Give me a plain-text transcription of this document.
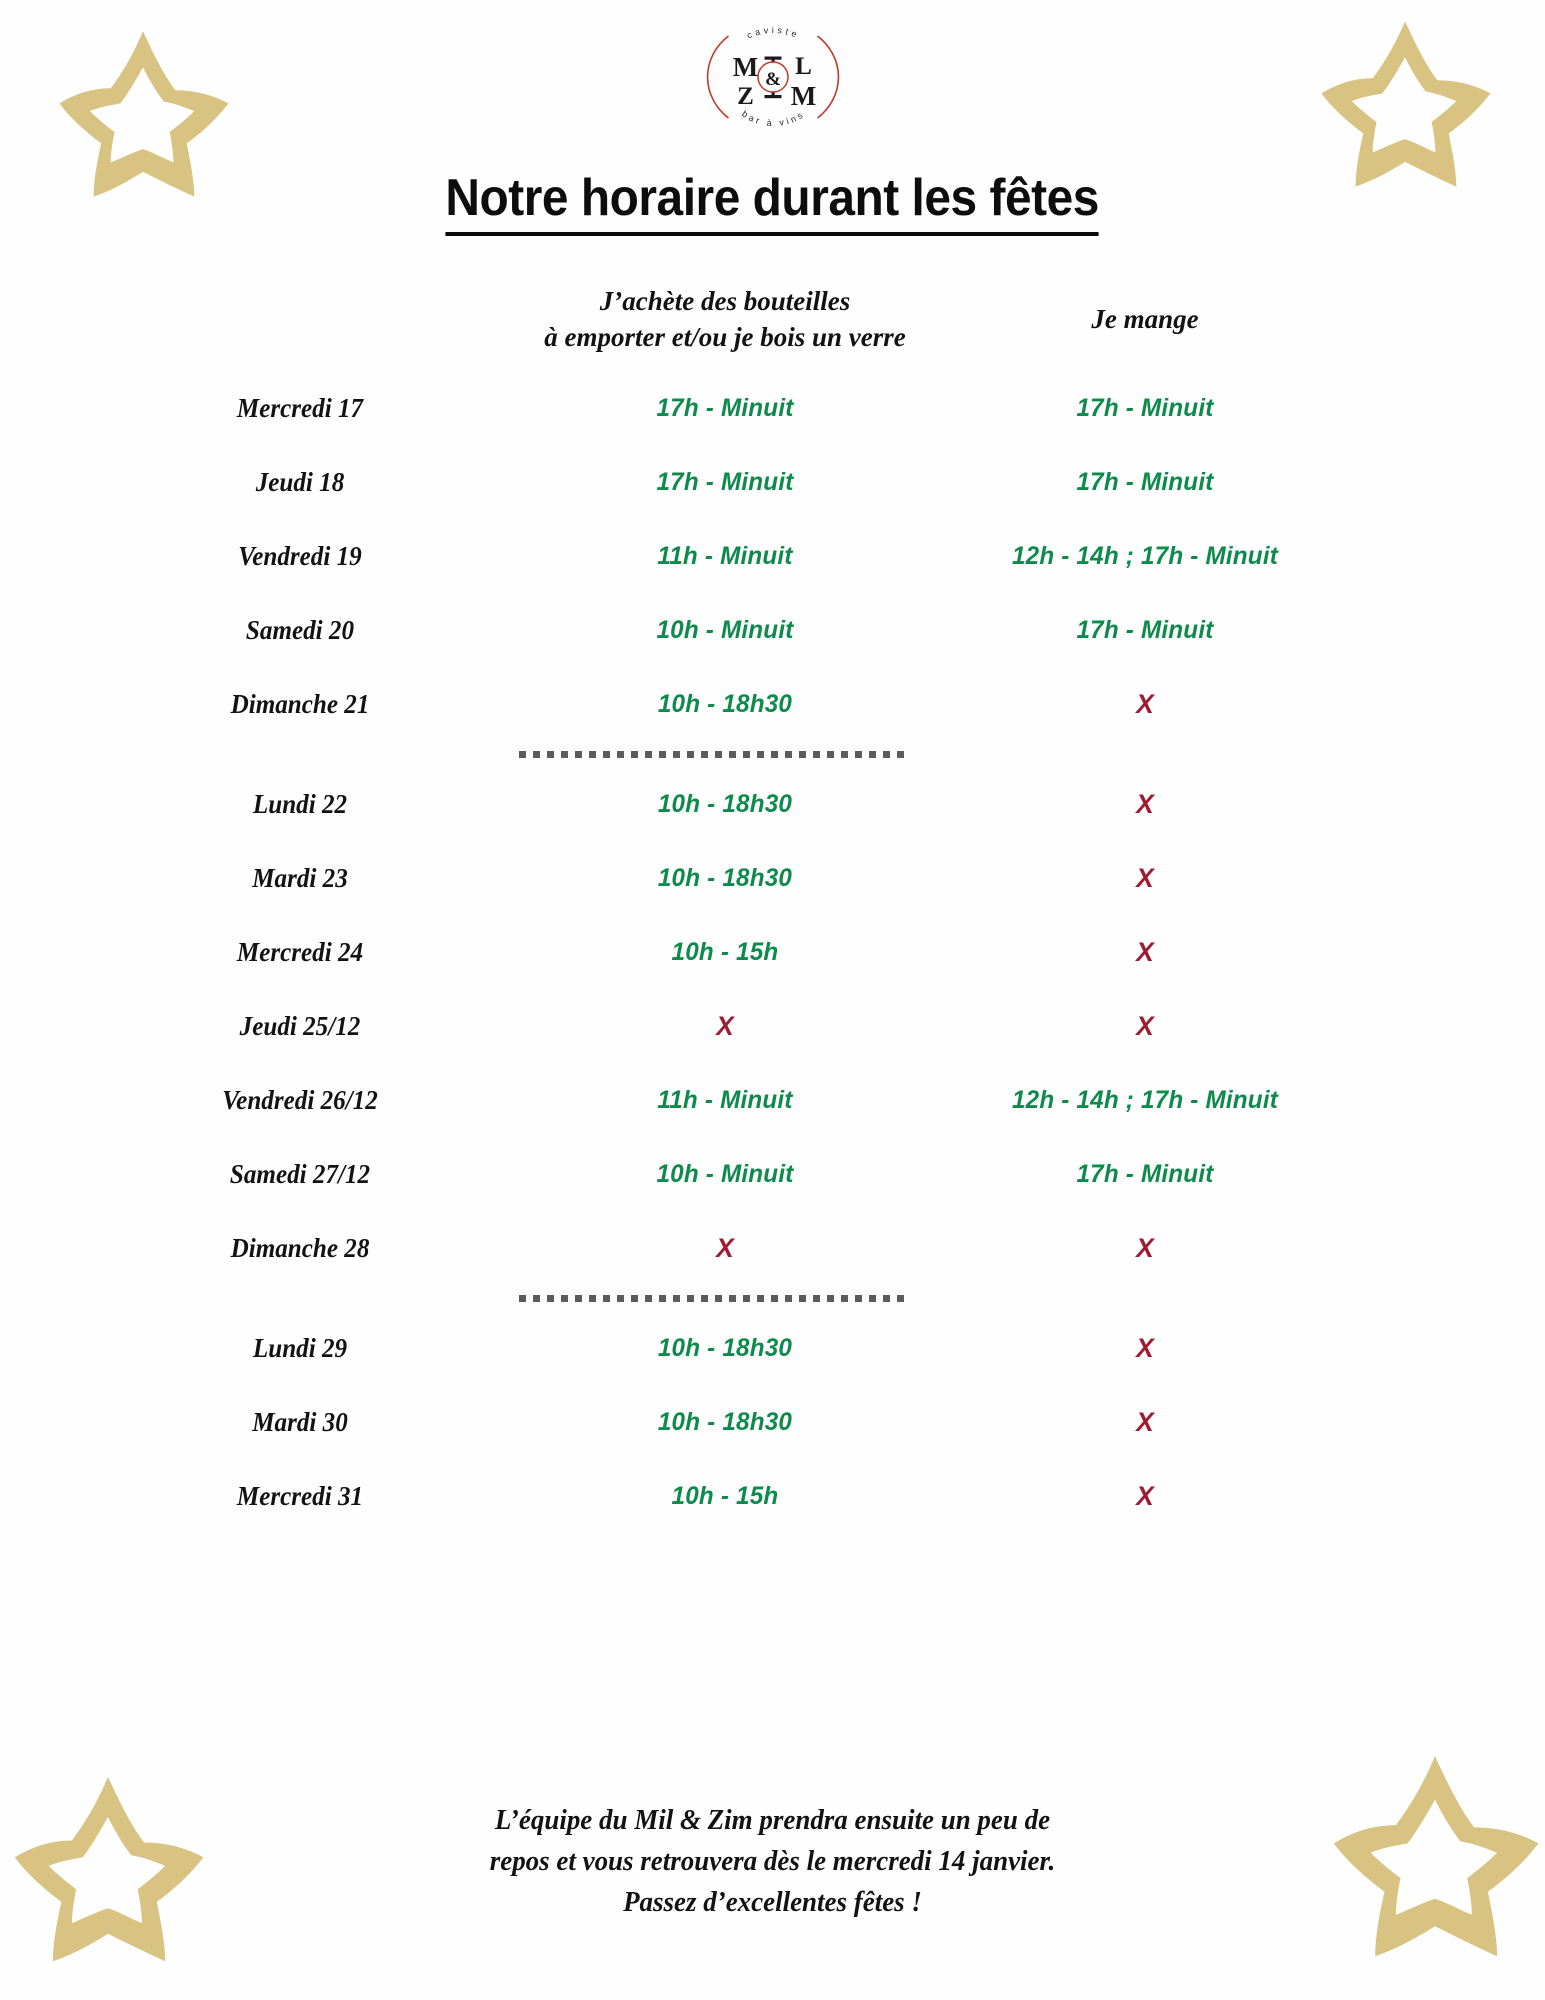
&
M L
Z M
caviste
bar à vins
Notre horaire durant les fêtes
J’achète des bouteilles
à emporter et/ou je bois un verre
Je mange
Mercredi 17	17h - Minuit	17h - Minuit
Jeudi 18	17h - Minuit	17h - Minuit
Vendredi 19	11h - Minuit	12h - 14h ; 17h - Minuit
Samedi 20	10h - Minuit	17h - Minuit
Dimanche 21	10h - 18h30	X
Lundi 22	10h - 18h30	X
Mardi 23	10h - 18h30	X
Mercredi 24	10h - 15h	X
Jeudi 25/12	X	X
Vendredi 26/12	11h - Minuit	12h - 14h ; 17h - Minuit
Samedi 27/12	10h - Minuit	17h - Minuit
Dimanche 28	X	X
Lundi 29	10h - 18h30	X
Mardi 30	10h - 18h30	X
Mercredi 31	10h - 15h	X
L’équipe du Mil & Zim prendra ensuite un peu de
repos et vous retrouvera dès le mercredi 14 janvier.
Passez d’excellentes fêtes !
